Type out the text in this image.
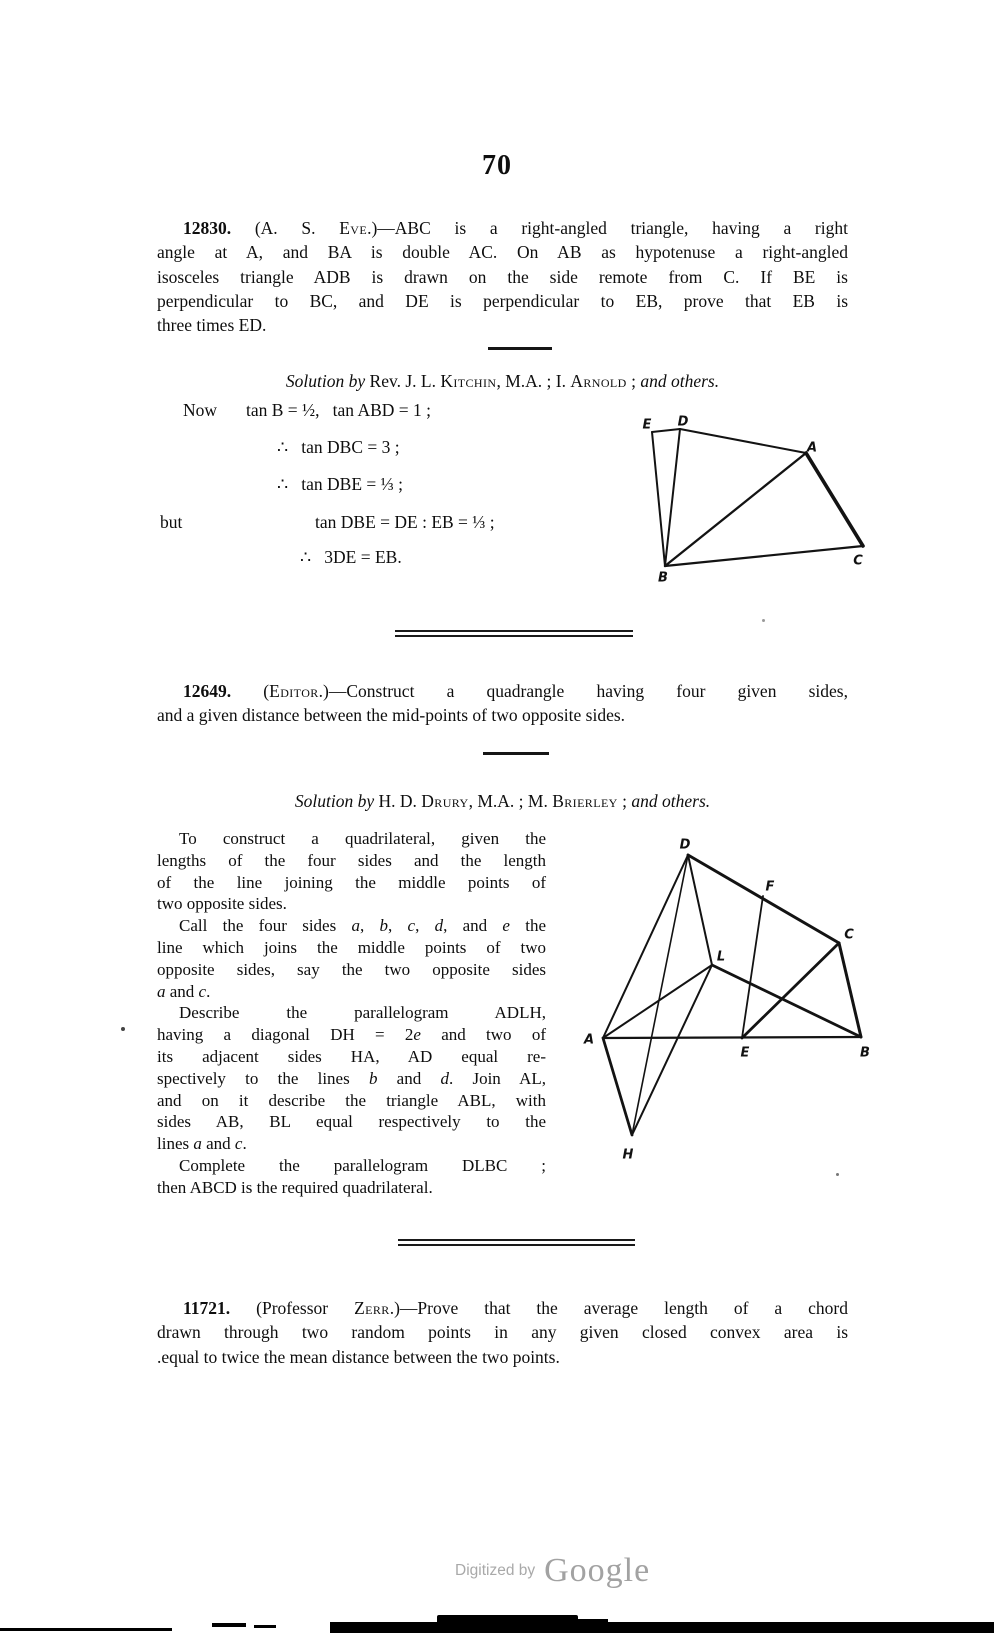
70
12830. (A. S. Eve.)—ABC is a right-angled triangle, having a right
angle at A, and BA is double AC. On AB as hypotenuse a right-angled
isosceles triangle ADB is drawn on the side remote from C. If BE is
perpendicular to BC, and DE is perpendicular to EB, prove that EB is
three times ED.
Solution by Rev. J. L. Kitchin, M.A. ; I. Arnold ; and others.
Now tan B = ½,   tan ABD = 1 ;
∴   tan DBC = 3 ;
∴   tan DBE = ⅓ ;
but	tan DBE = DE : EB = ⅓ ;
∴   3DE = EB.
E D
A
B
C
12649. (Editor.)—Construct a quadrangle having four given sides,
and a given distance between the mid-points of two opposite sides.
Solution by H. D. Drury, M.A. ; M. Brierley ; and others.
To construct a quadrilateral, given the
lengths of the four sides and the length
of the line joining the middle points of
two opposite sides.
Call the four sides a, b, c, d, and e the
line which joins the middle points of two
opposite sides, say the two opposite sides
a and c.
Describe the parallelogram ADLH,
having a diagonal DH = 2e and two of
its adjacent sides HA, AD equal re-
spectively to the lines b and d. Join AL,
and on it describe the triangle ABL, with
sides AB, BL equal respectively to the
lines a and c.
Complete the parallelogram DLBC ;
then ABCD is the required quadrilateral.
D
F
C
L
A
E	B
H
11721. (Professor Zerr.)—Prove that the average length of a chord
drawn through two random points in any given closed convex area is
.equal to twice the mean distance between the two points.
Digitized by Google
